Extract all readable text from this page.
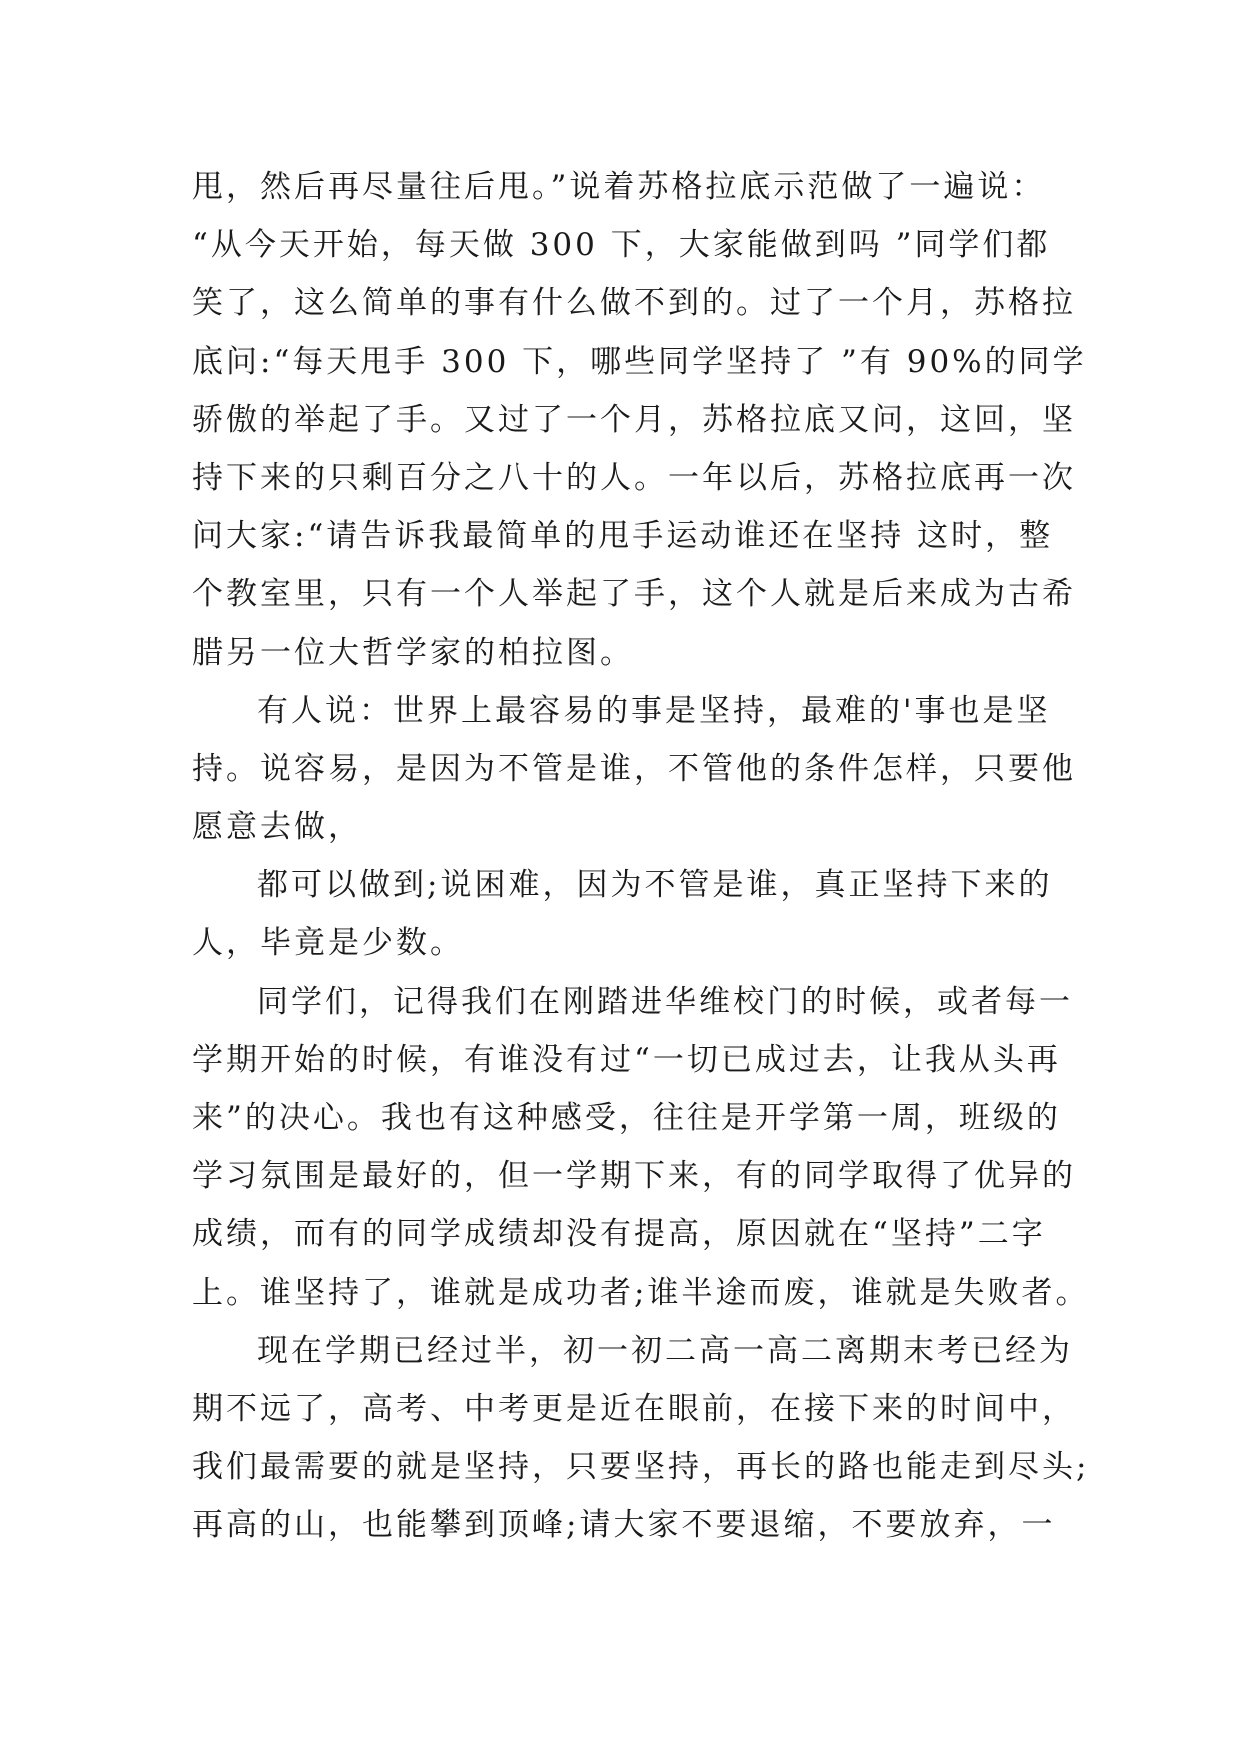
甩，然后再尽量往后甩。”说着苏格拉底示范做了一遍说：
“从今天开始，每天做 300 下，大家能做到吗 ”同学们都
笑了，这么简单的事有什么做不到的。过了一个月，苏格拉
底问:“每天甩手 300 下，哪些同学坚持了 ”有 90%的同学
骄傲的举起了手。又过了一个月，苏格拉底又问，这回，坚
持下来的只剩百分之八十的人。一年以后，苏格拉底再一次
问大家:“请告诉我最简单的甩手运动谁还在坚持 这时，整
个教室里，只有一个人举起了手，这个人就是后来成为古希
腊另一位大哲学家的柏拉图。
有人说：世界上最容易的事是坚持，最难的'事也是坚
持。说容易，是因为不管是谁，不管他的条件怎样，只要他
愿意去做，
都可以做到;说困难，因为不管是谁，真正坚持下来的
人，毕竟是少数。
同学们，记得我们在刚踏进华维校门的时候，或者每一
学期开始的时候，有谁没有过“一切已成过去，让我从头再
来”的决心。我也有这种感受，往往是开学第一周，班级的
学习氛围是最好的，但一学期下来，有的同学取得了优异的
成绩，而有的同学成绩却没有提高，原因就在“坚持”二字
上。谁坚持了，谁就是成功者;谁半途而废，谁就是失败者。
现在学期已经过半，初一初二高一高二离期末考已经为
期不远了，高考、中考更是近在眼前，在接下来的时间中，
我们最需要的就是坚持，只要坚持，再长的路也能走到尽头;
再高的山，也能攀到顶峰;请大家不要退缩，不要放弃，一
